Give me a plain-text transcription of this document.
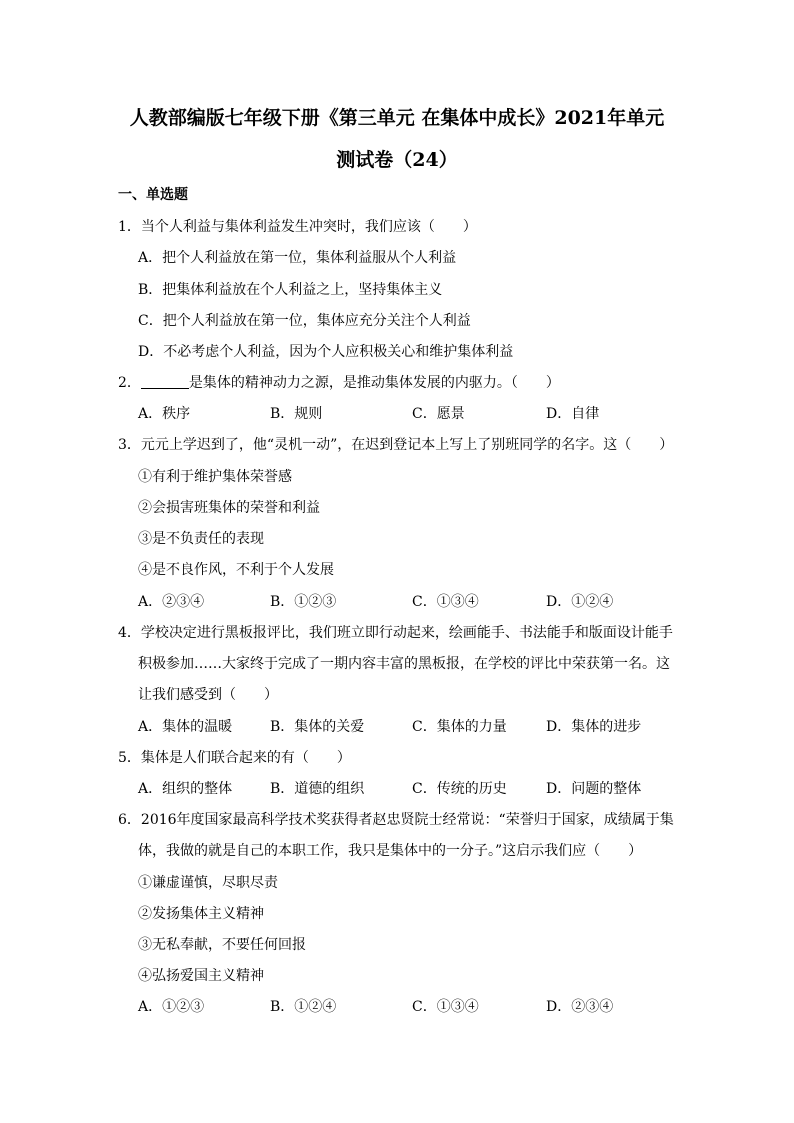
人教部编版七年级下册《第三单元 在集体中成长》2021年单元
测试卷（24）
一、单选题
1．当个人利益与集体利益发生冲突时，我们应该（　　）
A．把个人利益放在第一位，集体利益服从个人利益
B．把集体利益放在个人利益之上，坚持集体主义
C．把个人利益放在第一位，集体应充分关注个人利益
D．不必考虑个人利益，因为个人应积极关心和维护集体利益
2．	是集体的精神动力之源，是推动集体发展的内驱力。（　　）
A．秩序	B．规则	C．愿景	D．自律
3．元元上学迟到了，他“灵机一动”，在迟到登记本上写上了别班同学的名字。这（　　）
①有利于维护集体荣誉感
②会损害班集体的荣誉和利益
③是不负责任的表现
④是不良作风，不利于个人发展
A．②③④	B．①②③	C．①③④	D．①②④
4．学校决定进行黑板报评比，我们班立即行动起来，绘画能手、书法能手和版面设计能手
积极参加……大家终于完成了一期内容丰富的黑板报，在学校的评比中荣获第一名。这
让我们感受到（　　）
A．集体的温暖	B．集体的关爱	C．集体的力量	D．集体的进步
5．集体是人们联合起来的有（　　）
A．组织的整体	B．道德的组织	C．传统的历史	D．问题的整体
6．2016年度国家最高科学技术奖获得者赵忠贤院士经常说：“荣誉归于国家，成绩属于集
体，我做的就是自己的本职工作，我只是集体中的一分子。”这启示我们应（　　）
①谦虚谨慎，尽职尽责
②发扬集体主义精神
③无私奉献，不要任何回报
④弘扬爱国主义精神
A．①②③	B．①②④	C．①③④	D．②③④
